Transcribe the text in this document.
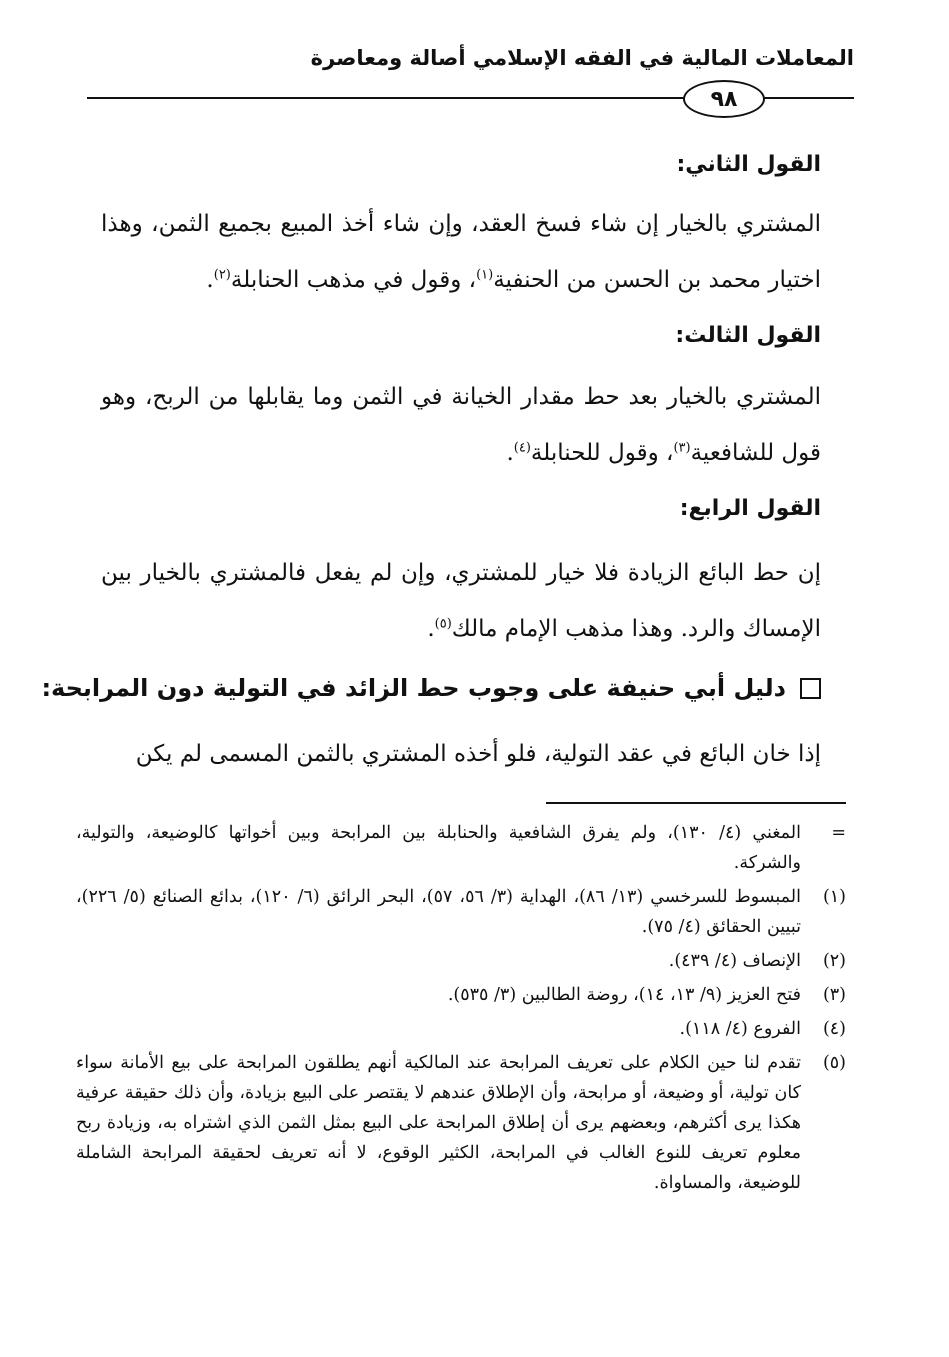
المعاملات المالية في الفقه الإسلامي أصالة ومعاصرة
٩٨
القول الثاني:
المشتري بالخيار إن شاء فسخ العقد، وإن شاء أخذ المبيع بجميع الثمن، وهذا اختيار محمد بن الحسن من الحنفية$^{(١)}$، وقول في مذهب الحنابلة$^{(٢)}$.
القول الثالث:
المشتري بالخيار بعد حط مقدار الخيانة في الثمن وما يقابلها من الربح، وهو قول للشافعية$^{(٣)}$، وقول للحنابلة$^{(٤)}$.
القول الرابع:
إن حط البائع الزيادة فلا خيار للمشتري، وإن لم يفعل فالمشتري بالخيار بين الإمساك والرد. وهذا مذهب الإمام مالك$^{(٥)}$.
دليل أبي حنيفة على وجوب حط الزائد في التولية دون المرابحة:
إذا خان البائع في عقد التولية، فلو أخذه المشتري بالثمن المسمى لم يكن
=
المغني (٤/ ١٣٠)، ولم يفرق الشافعية والحنابلة بين المرابحة وبين أخواتها كالوضيعة، والتولية، والشركة.
(١)
المبسوط للسرخسي (١٣/ ٨٦)، الهداية (٣/ ٥٦، ٥٧)، البحر الرائق (٦/ ١٢٠)، بدائع الصنائع (٥/ ٢٢٦)، تبيين الحقائق (٤/ ٧٥).
(٢)
الإنصاف (٤/ ٤٣٩).
(٣)
فتح العزيز (٩/ ١٣، ١٤)، روضة الطالبين (٣/ ٥٣٥).
(٤)
الفروع (٤/ ١١٨).
(٥)
تقدم لنا حين الكلام على تعريف المرابحة عند المالكية أنهم يطلقون المرابحة على بيع الأمانة سواء كان تولية، أو وضيعة، أو مرابحة، وأن الإطلاق عندهم لا يقتصر على البيع بزيادة، وأن ذلك حقيقة عرفية هكذا يرى أكثرهم، وبعضهم يرى أن إطلاق المرابحة على البيع بمثل الثمن الذي اشتراه به، وزيادة ربح معلوم تعريف للنوع الغالب في المرابحة، الكثير الوقوع، لا أنه تعريف لحقيقة المرابحة الشاملة للوضيعة، والمساواة.
